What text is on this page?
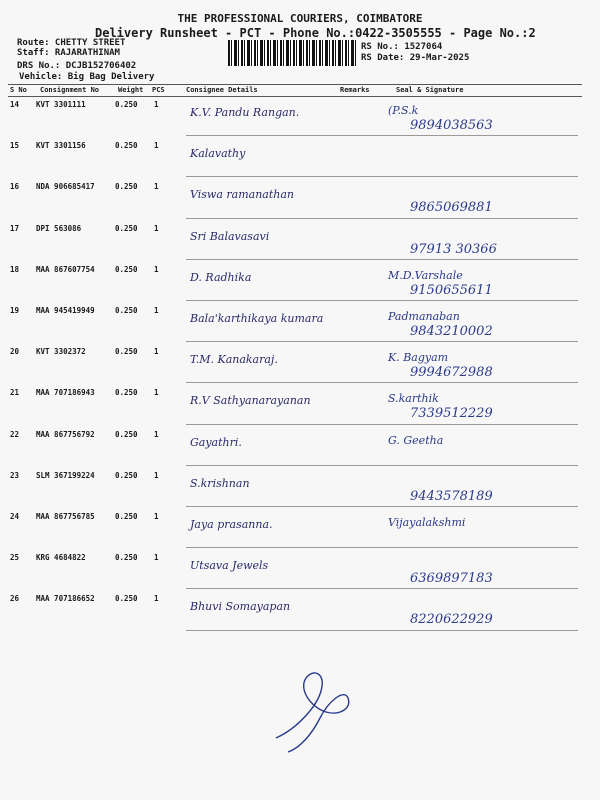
THE PROFESSIONAL COURIERS, COIMBATORE
Delivery Runsheet - PCT - Phone No.:0422-3505555 - Page No.:2
Route: CHETTY STREET
Staff: RAJARATHINAM
DRS No.: DCJB152706402
Vehicle: Big Bag Delivery
RS No.: 1527064
RS Date: 29-Mar-2025
S No Consignment No	Weight PCS	Consignee Details	Remarks	Seal & Signature
14 KVT 3301111	0.250 1
K.V. Pandu Rangan.	(P.S.k
9894038563
15 KVT 3301156	0.250 1
Kalavathy
16 NDA 906685417	0.250 1
Viswa ramanathan
9865069881
17 DPI 563086	0.250 1
Sri Balavasavi
97913 30366
18 MAA 867607754	0.250 1
D. Radhika	M.D.Varshale
9150655611
19 MAA 945419949	0.250 1
Bala'karthikaya kumara	Padmanaban
9843210002
20 KVT 3302372	0.250 1
T.M. Kanakaraj.	K. Bagyam
9994672988
21 MAA 707186943	0.250 1
R.V Sathyanarayanan	S.karthik
7339512229
22 MAA 867756792	0.250 1
Gayathri.	G. Geetha
23 SLM 367199224	0.250 1
S.krishnan
9443578189
24 MAA 867756785	0.250 1
Jaya prasanna.	Vijayalakshmi
25 KRG 4684822	0.250 1
Utsava Jewels
6369897183
26 MAA 707186652	0.250 1
Bhuvi Somayapan
8220622929
